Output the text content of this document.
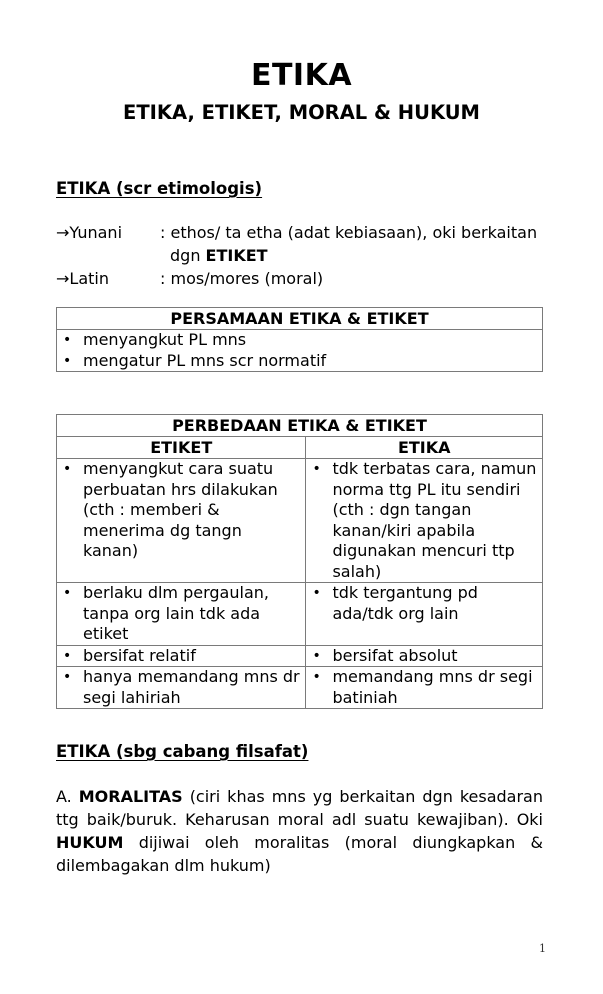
ETIKA
ETIKA, ETIKET, MORAL & HUKUM
ETIKA (scr etimologis)
→ Yunani : ethos/ ta etha (adat kebiasaan), oki berkaitan
dgn ETIKET
→ Latin	: mos/mores (moral)
PERSAMAAN ETIKA & ETIKET

• menyangkut PL mns
• mengatur PL mns scr normatif
PERBEDAAN ETIKA & ETIKET	
ETIKET	ETIKA

• menyangkut cara suatu perbuatan hrs dilakukan (cth : memberi & menerima dg tangn kanan)	• tdk terbatas cara, namun norma ttg PL itu sendiri (cth : dgn tangan kanan/kiri apabila digunakan mencuri ttp salah)

• berlaku dlm pergaulan, tanpa org lain tdk ada etiket	• tdk tergantung pd ada/tdk org lain

• bersifat relatif	• bersifat absolut

• hanya memandang mns dr segi lahiriah	• memandang mns dr segi batiniah
ETIKA (sbg cabang filsafat)
A. MORALITAS (ciri khas mns yg berkaitan dgn kesadaran ttg baik/buruk. Keharusan moral adl suatu kewajiban). Oki HUKUM dijiwai oleh moralitas (moral diungkapkan & dilembagakan dlm hukum)
1
